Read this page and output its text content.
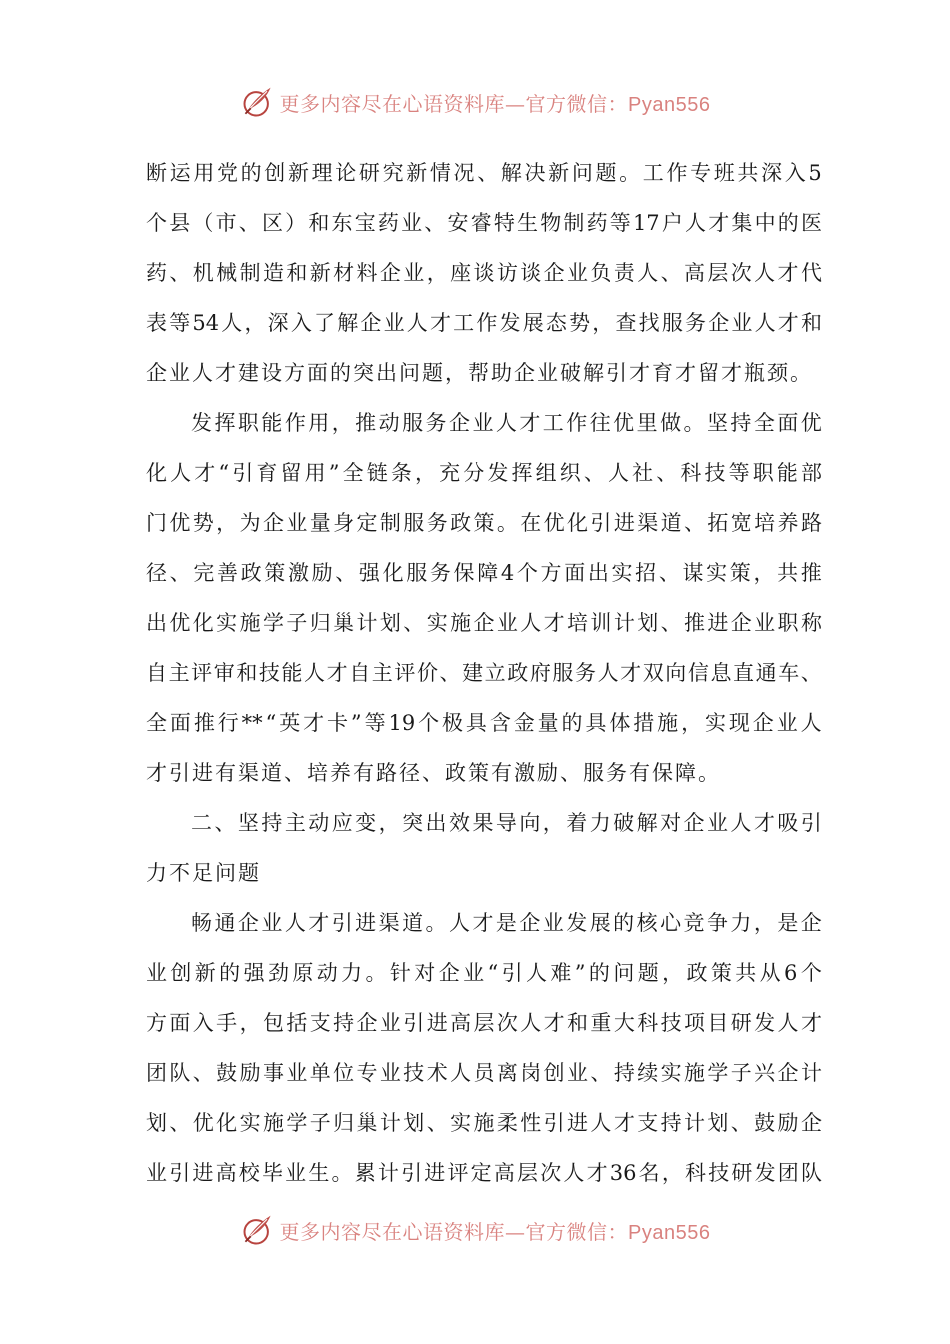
更多内容尽在心语资料库—官方微信：Pyan556
断 运 用 党 的 创 新 理 论 研 究 新 情 况 、 解 决 新 问 题 。 工 作 专 班 共 深 入 5
个 县 （ 市 、 区 ） 和 东 宝 药 业 、 安 睿 特 生 物 制 药 等 17 户 人 才 集 中 的 医
药 、 机 械 制 造 和 新 材 料 企 业 ， 座 谈 访 谈 企 业 负 责 人 、 高 层 次 人 才 代
表 等 54 人 ， 深 入 了 解 企 业 人 才 工 作 发 展 态 势 ， 查 找 服 务 企 业 人 才 和
企 业 人 才 建 设 方 面 的 突 出 问 题 ， 帮 助 企 业 破 解 引 才 育 才 留 才 瓶 颈 。
发 挥 职 能 作 用 ， 推 动 服 务 企 业 人 才 工 作 往 优 里 做 。 坚 持 全 面 优
化 人 才 “ 引 育 留 用 ” 全 链 条 ， 充 分 发 挥 组 织 、 人 社 、 科 技 等 职 能 部
门 优 势 ， 为 企 业 量 身 定 制 服 务 政 策 。 在 优 化 引 进 渠 道 、 拓 宽 培 养 路
径 、 完 善 政 策 激 励 、 强 化 服 务 保 障 4 个 方 面 出 实 招 、 谋 实 策 ， 共 推
出 优 化 实 施 学 子 归 巢 计 划 、 实 施 企 业 人 才 培 训 计 划 、 推 进 企 业 职 称
自 主 评 审 和 技 能 人 才 自 主 评 价 、 建 立 政 府 服 务 人 才 双 向 信 息 直 通 车 、
全 面 推 行 ** “ 英 才 卡 ” 等 19 个 极 具 含 金 量 的 具 体 措 施 ， 实 现 企 业 人
才 引 进 有 渠 道 、 培 养 有 路 径 、 政 策 有 激 励 、 服 务 有 保 障 。
二 、 坚 持 主 动 应 变 ， 突 出 效 果 导 向 ， 着 力 破 解 对 企 业 人 才 吸 引
力 不 足 问 题
畅 通 企 业 人 才 引 进 渠 道 。 人 才 是 企 业 发 展 的 核 心 竞 争 力 ， 是 企
业 创 新 的 强 劲 原 动 力 。 针 对 企 业 “ 引 人 难 ” 的 问 题 ， 政 策 共 从 6 个
方 面 入 手 ， 包 括 支 持 企 业 引 进 高 层 次 人 才 和 重 大 科 技 项 目 研 发 人 才
团 队 、 鼓 励 事 业 单 位 专 业 技 术 人 员 离 岗 创 业 、 持 续 实 施 学 子 兴 企 计
划 、 优 化 实 施 学 子 归 巢 计 划 、 实 施 柔 性 引 进 人 才 支 持 计 划 、 鼓 励 企
业 引 进 高 校 毕 业 生 。 累 计 引 进 评 定 高 层 次 人 才 36 名 ， 科 技 研 发 团 队
更多内容尽在心语资料库—官方微信：Pyan556
